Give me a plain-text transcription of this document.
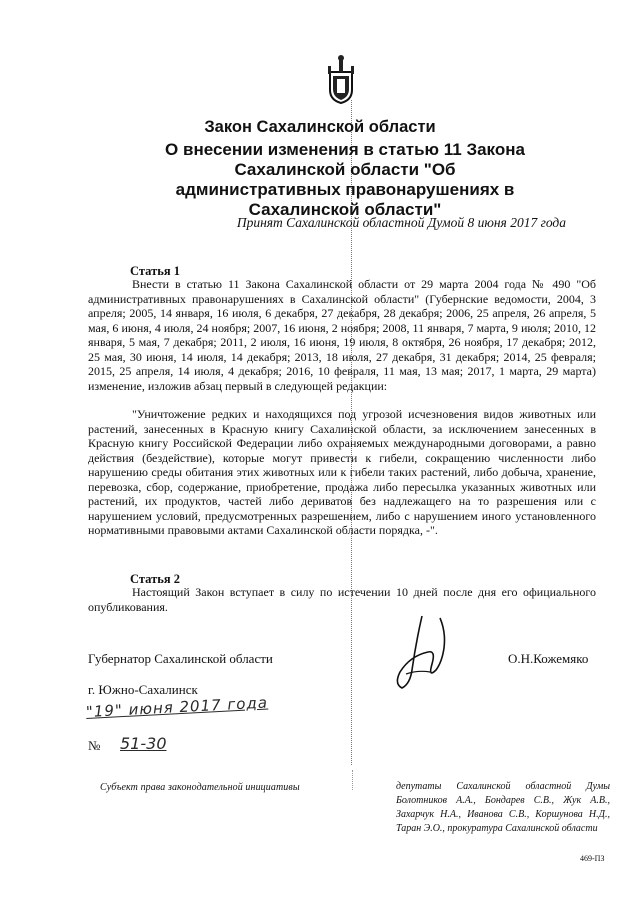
Закон Сахалинской области
О внесении изменения в статью 11 Закона Сахалинской области "Об административных правонарушениях в Сахалинской области"
Принят Сахалинской областной Думой 8 июня 2017 года
Статья 1
Внести в статью 11 Закона Сахалинской области от 29 марта 2004 года № 490 "Об административных правонарушениях в Сахалинской области" (Губернские ведомости, 2004, 3 апреля; 2005, 14 января, 16 июля, 6 декабря, 27 декабря, 28 декабря; 2006, 25 апреля, 26 апреля, 5 мая, 6 июня, 4 июля, 24 ноября; 2007, 16 июня, 2 ноября; 2008, 11 января, 7 марта, 9 июля; 2010, 12 января, 5 мая, 7 декабря; 2011, 2 июля, 16 июня, 19 июля, 8 октября, 26 ноября, 17 декабря; 2012, 25 мая, 30 июня, 14 июля, 14 декабря; 2013, 18 июля, 27 декабря, 31 декабря; 2014, 25 февраля; 2015, 25 апреля, 14 июля, 4 декабря; 2016, 10 февраля, 11 мая, 13 мая; 2017, 1 марта, 29 марта) изменение, изложив абзац первый в следующей редакции:
"Уничтожение редких и находящихся под угрозой исчезновения видов животных или растений, занесенных в Красную книгу Сахалинской области, за исключением занесенных в Красную книгу Российской Федерации либо охраняемых международными договорами, а равно действия (бездействие), которые могут привести к гибели, сокращению численности либо нарушению среды обитания этих животных или к гибели таких растений, либо добыча, хранение, перевозка, сбор, содержание, приобретение, продажа либо пересылка указанных животных или растений, их продуктов, частей либо дериватов без надлежащего на то разрешения или с нарушением условий, предусмотренных разрешением, либо с нарушением иного установленного нормативными правовыми актами Сахалинской области порядка, -".
Статья 2
Настоящий Закон вступает в силу по истечении 10 дней после дня его официального опубликования.
Губернатор Сахалинской области	О.Н.Кожемяко
г. Южно-Сахалинск
"19" июня 2017 года
№ 51-30
Субъект права законодательной инициативы	депутаты Сахалинской областной Думы Болотников А.А., Бондарев С.В., Жук А.В., Захарчук Н.А., Иванова С.В., Коршунова Н.Д., Таран Э.О., прокуратура Сахалинской области
469-ПЗ
